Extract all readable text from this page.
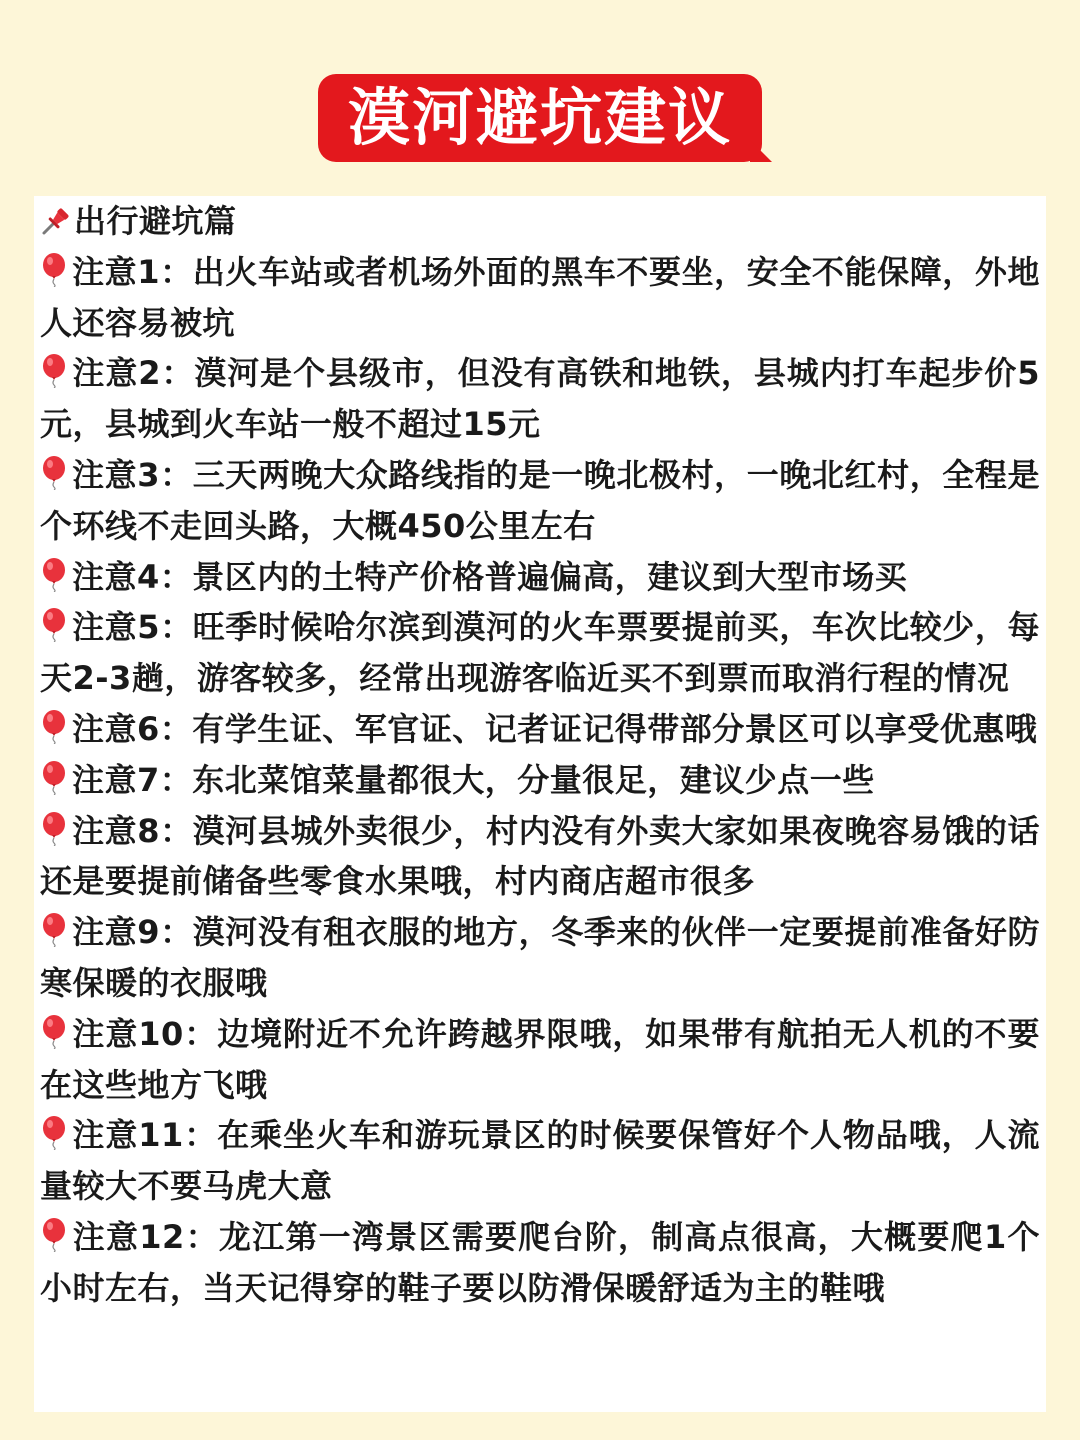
漠河避坑建议
出行避坑篇
注意1：出火车站或者机场外面的黑车不要坐，安全不能保障，外地人还容易被坑
注意2：漠河是个县级市，但没有高铁和地铁，县城内打车起步价5元，县城到火车站一般不超过15元
注意3：三天两晚大众路线指的是一晚北极村，一晚北红村，全程是个环线不走回头路，大概450公里左右
注意4：景区内的土特产价格普遍偏高，建议到大型市场买
注意5：旺季时候哈尔滨到漠河的火车票要提前买，车次比较少，每天2-3趟，游客较多，经常出现游客临近买不到票而取消行程的情况
注意6：有学生证、军官证、记者证记得带部分景区可以享受优惠哦
注意7：东北菜馆菜量都很大，分量很足，建议少点一些
注意8：漠河县城外卖很少，村内没有外卖大家如果夜晚容易饿的话还是要提前储备些零食水果哦，村内商店超市很多
注意9：漠河没有租衣服的地方，冬季来的伙伴一定要提前准备好防寒保暖的衣服哦
注意10：边境附近不允许跨越界限哦，如果带有航拍无人机的不要在这些地方飞哦
注意11：在乘坐火车和游玩景区的时候要保管好个人物品哦，人流量较大不要马虎大意
注意12：龙江第一湾景区需要爬台阶，制高点很高，大概要爬1个小时左右，当天记得穿的鞋子要以防滑保暖舒适为主的鞋哦
